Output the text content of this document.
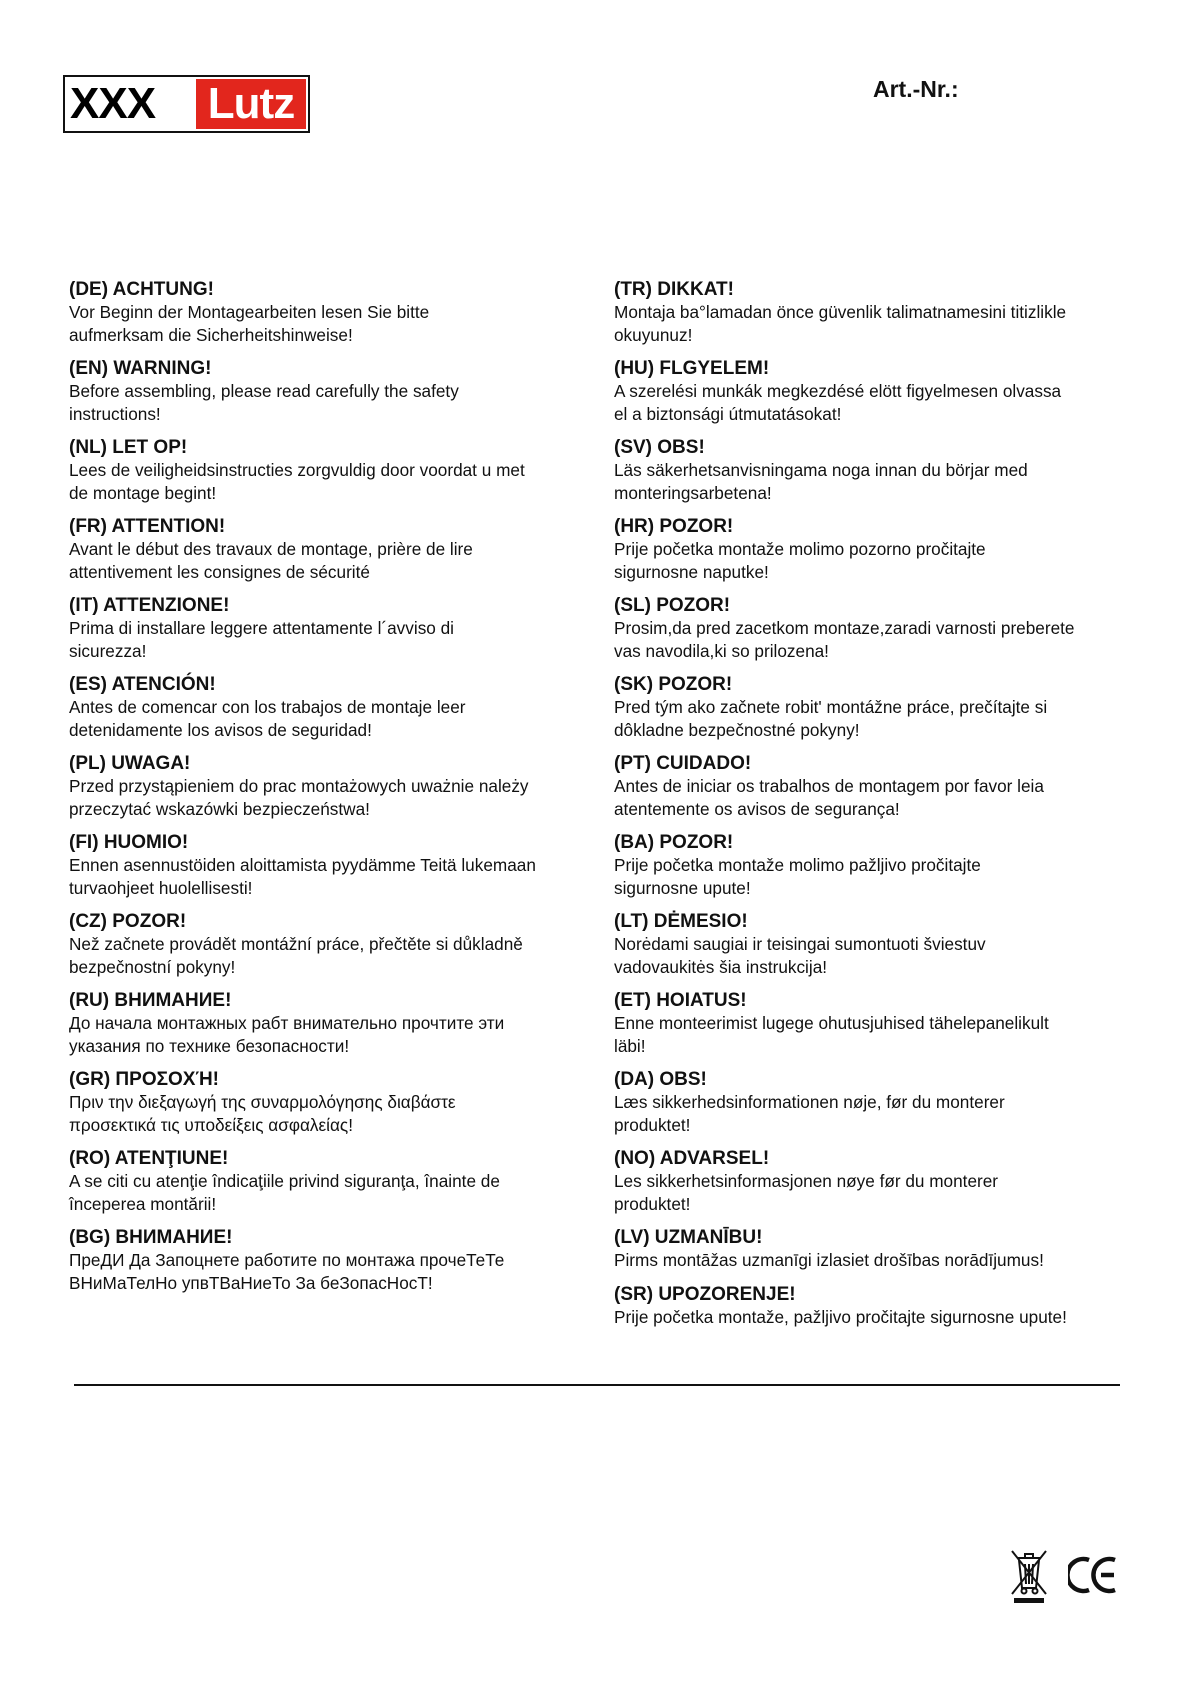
XXX	Lutz	Art.-Nr.:
(DE) ACHTUNG!
Vor Beginn der Montagearbeiten lesen Sie bitte
aufmerksam die Sicherheitshinweise!
(EN) WARNING!
Before assembling, please read carefully the safety
instructions!
(NL) LET OP!
Lees de veiligheidsinstructies zorgvuldig door voordat u met
de montage begint!
(FR) ATTENTION!
Avant le début des travaux de montage, prière de lire
attentivement les consignes de sécurité
(IT) ATTENZIONE!
Prima di installare leggere attentamente l´avviso di
sicurezza!
(ES) ATENCIÓN!
Antes de comencar con los trabajos de montaje leer
detenidamente los avisos de seguridad!
(PL) UWAGA!
Przed przystąpieniem do prac montażowych uważnie należy
przeczytać wskazówki bezpieczeństwa!
(FI) HUOMIO!
Ennen asennustöiden aloittamista pyydämme Teitä lukemaan
turvaohjeet huolellisesti!
(CZ) POZOR!
Než začnete provádět montážní práce, přečtěte si důkladně
bezpečnostní pokyny!
(RU) ВНИМАНИЕ!
До начала монтажных рабт внимательно прочтите эти
указания по технике безопасности!
(GR) ΠΡΟΣΟΧΉ!
Πριν την διεξαγωγή της συναρμολόγησης διαβάστε
προσεκτικά τις υποδείξεις ασφαλείας!
(RO) ATENŢIUNE!
A se citi cu atenţie îndicaţiile privind siguranţa, înainte de
începerea montării!
(BG) ВНИМАНИЕ!
ПреДИ Да Запоцнете работите по монтажа прочеТеТе
ВНиМаТелНо упвТВаНиеТо За беЗопасНосТ!
(TR) DIKKAT!
Montaja ba°lamadan önce güvenlik talimatnamesini titizlikle
okuyunuz!
(HU) FLGYELEM!
A szerelési munkák megkezdésé elött figyelmesen olvassa
el a biztonsági útmutatásokat!
(SV) OBS!
Läs säkerhetsanvisningama noga innan du börjar med
monteringsarbetena!
(HR) POZOR!
Prije početka montaže molimo pozorno pročitajte
sigurnosne naputke!
(SL) POZOR!
Prosim,da pred zacetkom montaze,zaradi varnosti preberete
vas navodila,ki so prilozena!
(SK) POZOR!
Pred tým ako začnete robit' montážne práce, prečítajte si
dôkladne bezpečnostné pokyny!
(PT) CUIDADO!
Antes de iniciar os trabalhos de montagem por favor leia
atentemente os avisos de segurança!
(BA) POZOR!
Prije početka montaže molimo pažljivo pročitajte
sigurnosne upute!
(LT) DĖMESIO!
Norėdami saugiai ir teisingai sumontuoti šviestuv
vadovaukitės šia instrukcija!
(ET) HOIATUS!
Enne monteerimist lugege ohutusjuhised tähelepanelikult
läbi!
(DA) OBS!
Læs sikkerhedsinformationen nøje, før du monterer
produktet!
(NO) ADVARSEL!
Les sikkerhetsinformasjonen nøye før du monterer
produktet!
(LV) UZMANĪBU!
Pirms montāžas uzmanīgi izlasiet drošības norādījumus!
(SR) UPOZORENJE!
Prije početka montaže, pažljivo pročitajte sigurnosne upute!
